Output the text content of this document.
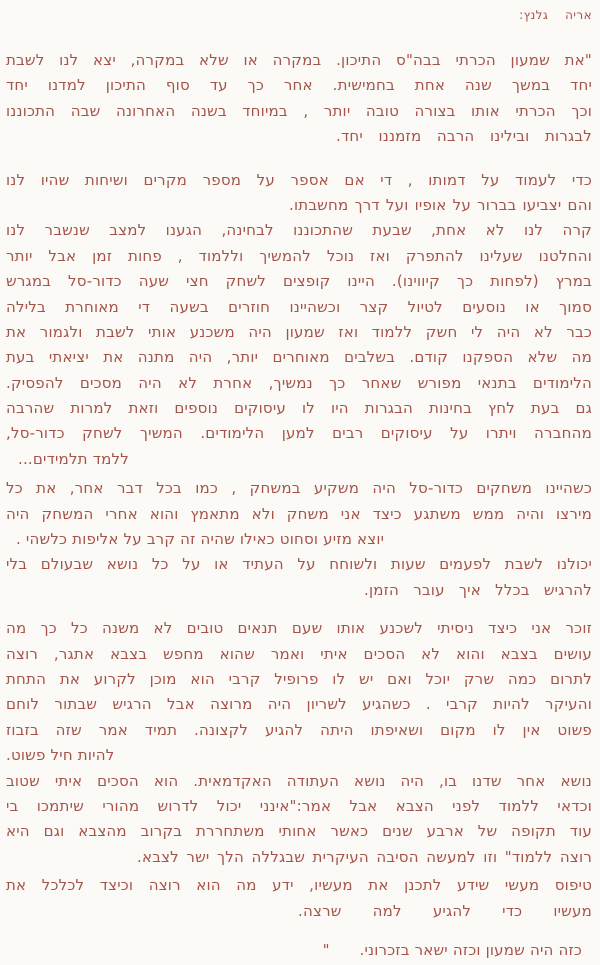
אריה    גלנץ:
"את שמעון הכרתי בבה"ס התיכון. במקרה או שלא במקרה, יצא לנו לשבת
יחד במשך שנה אחת בחמישית. אחר כך עד סוף התיכון למדנו יחד
וכך הכרתי אותו בצורה טובה יותר , במיוחד בשנה האחרונה שבה התכוננו
לבגרות ובילינו הרבה מזמננו יחד.
כדי לעמוד על דמותו , די אם אספר על מספר מקרים ושיחות שהיו לנו
והם יצביעו בברור על אופיו ועל דרך מחשבתו.
קרה לנו לא אחת, שבעת שהתכוננו לבחינה, הגענו למצב שנשבר לנו
והחלטנו שעלינו להתפרק ואז נוכל להמשיך וללמוד , פחות זמן אבל יותר
במרץ (לפחות כך קיווינו). היינו קופצים לשחק חצי שעה כדור-סל במגרש
סמוך או נוסעים לטיול קצר וכשהיינו חוזרים בשעה די מאוחרת בלילה
כבר לא היה לי חשק ללמוד ואז שמעון היה משכנע אותי לשבת ולגמור את
מה שלא הספקנו קודם. בשלבים מאוחרים יותר, היה מתנה את יציאתי בעת
הלימודים בתנאי מפורש שאחר כך נמשיך, אחרת לא היה מסכים להפסיק.
גם בעת לחץ בחינות הבגרות היו לו עיסוקים נוספים וזאת למרות שהרבה
מהחברה ויתרו על עיסוקים רבים למען הלימודים. המשיך לשחק כדור-סל,
ללמד תלמידים...
כשהיינו משחקים כדור-סל היה משקיע במשחק , כמו בכל דבר אחר, את כל
מירצו והיה ממש משתגע כיצד אני משחק ולא מתאמץ והוא אחרי המשחק היה
יוצא מזיע וסחוט כאילו שהיה זה קרב על אליפות כלשהי .
יכולנו לשבת לפעמים שעות ולשוחח על העתיד או על כל נושא שבעולם בלי
להרגיש בכלל איך עובר הזמן.
זוכר אני כיצד ניסיתי לשכנע אותו שעם תנאים טובים לא משנה כל כך מה
עושים בצבא והוא לא הסכים איתי ואמר שהוא מחפש בצבא אתגר, רוצה
לתרום כמה שרק יוכל ואם יש לו פרופיל קרבי הוא מוכן לקרוע את התחת
והעיקר להיות קרבי . כשהגיע לשריון היה מרוצה אבל הרגיש שבתור לוחם
פשוט אין לו מקום ושאיפתו היתה להגיע לקצונה. תמיד אמר שזה בזבוז
להיות חיל פשוט.
נושא אחר שדנו בו, היה נושא העתודה האקדמאית. הוא הסכים איתי שטוב
וכדאי ללמוד לפני הצבא אבל אמר:"אינני יכול לדרוש מהורי שיתמכו בי
עוד תקופה של ארבע שנים כאשר אחותי משתחררת בקרוב מהצבא וגם היא
רוצה ללמוד" וזו למעשה הסיבה העיקרית שבגללה הלך ישר לצבא.
טיפוס מעשי שידע לתכנן את מעשיו, ידע מה הוא רוצה וכיצד לכלכל את
מעשיו כדי להגיע למה שרצה.
כזה היה שמעון וכזה ישאר בזכרוני.      "
